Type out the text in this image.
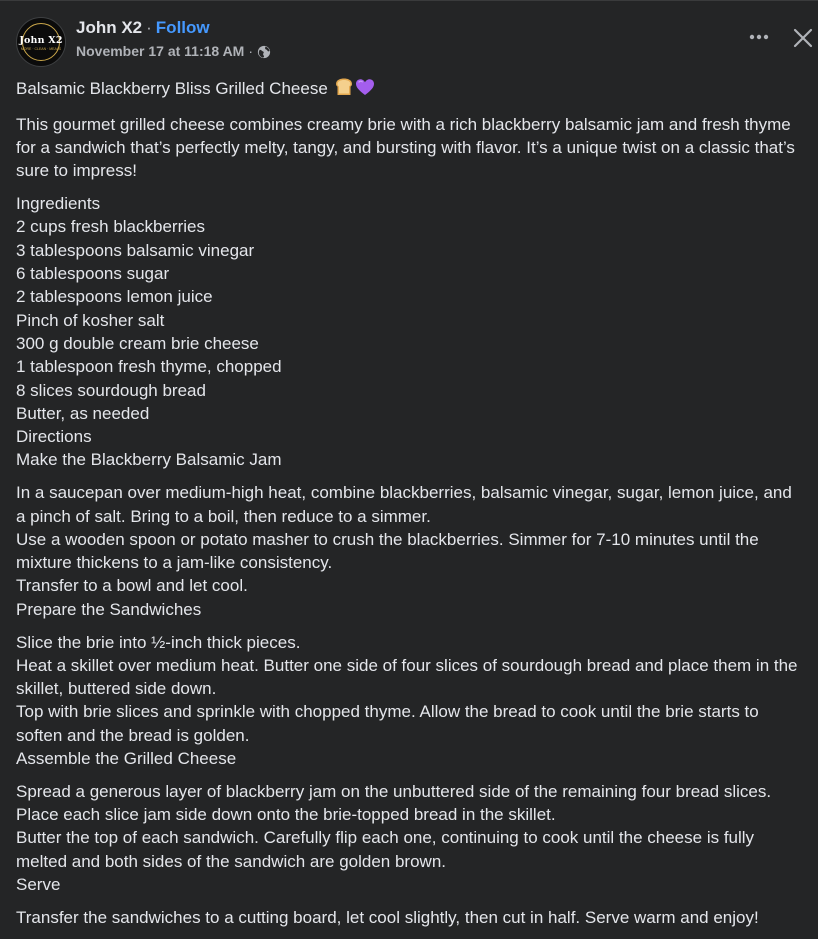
John X2
MORE · CLEAN · MEALS
John X2 · Follow
November 17 at 11:18 AM ·

Balsamic Blackberry Bliss Grilled Cheese

This gourmet grilled cheese combines creamy brie with a rich blackberry balsamic jam and fresh thyme
for a sandwich that’s perfectly melty, tangy, and bursting with flavor. It’s a unique twist on a classic that’s
sure to impress!

Ingredients
2 cups fresh blackberries
3 tablespoons balsamic vinegar
6 tablespoons sugar
2 tablespoons lemon juice
Pinch of kosher salt
300 g double cream brie cheese
1 tablespoon fresh thyme, chopped
8 slices sourdough bread
Butter, as needed
Directions
Make the Blackberry Balsamic Jam

In a saucepan over medium-high heat, combine blackberries, balsamic vinegar, sugar, lemon juice, and
a pinch of salt. Bring to a boil, then reduce to a simmer.
Use a wooden spoon or potato masher to crush the blackberries. Simmer for 7-10 minutes until the
mixture thickens to a jam-like consistency.
Transfer to a bowl and let cool.
Prepare the Sandwiches

Slice the brie into ½-inch thick pieces.
Heat a skillet over medium heat. Butter one side of four slices of sourdough bread and place them in the
skillet, buttered side down.
Top with brie slices and sprinkle with chopped thyme. Allow the bread to cook until the brie starts to
soften and the bread is golden.
Assemble the Grilled Cheese

Spread a generous layer of blackberry jam on the unbuttered side of the remaining four bread slices.
Place each slice jam side down onto the brie-topped bread in the skillet.
Butter the top of each sandwich. Carefully flip each one, continuing to cook until the cheese is fully
melted and both sides of the sandwich are golden brown.
Serve

Transfer the sandwiches to a cutting board, let cool slightly, then cut in half. Serve warm and enjoy!
